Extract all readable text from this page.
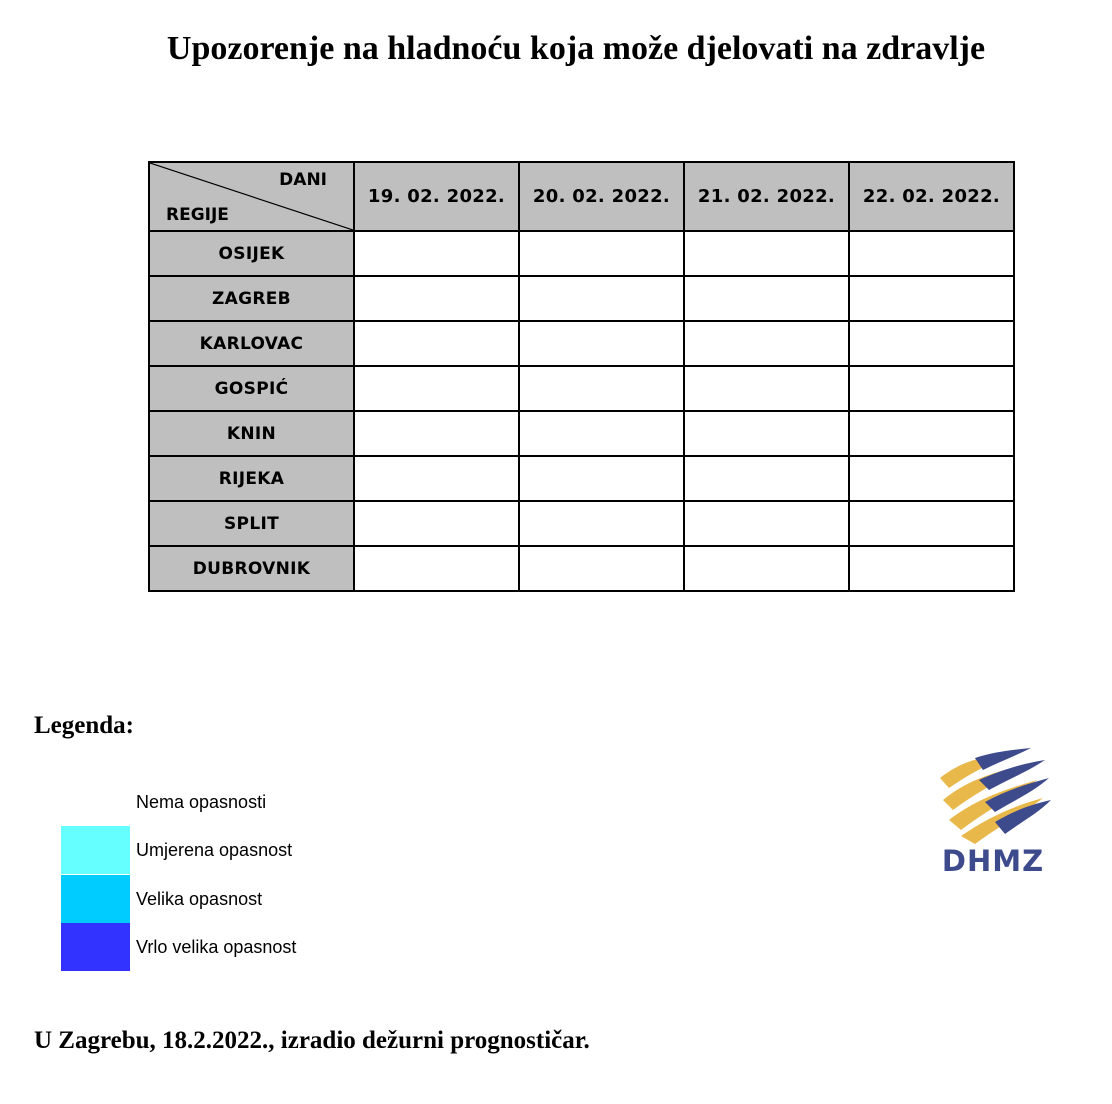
Upozorenje na hladnoću koja može djelovati na zdravlje
DANI
REGIJE	19. 02. 2022.	20. 02. 2022.	21. 02. 2022.	22. 02. 2022.
OSIJEK				
ZAGREB				
KARLOVAC				
GOSPIĆ				
KNIN				
RIJEKA				
SPLIT				
DUBROVNIK				
Legenda:
Nema opasnosti
Umjerena opasnost
Velika opasnost
Vrlo velika opasnost
DHMZ
U Zagrebu, 18.2.2022., izradio dežurni prognostičar.
